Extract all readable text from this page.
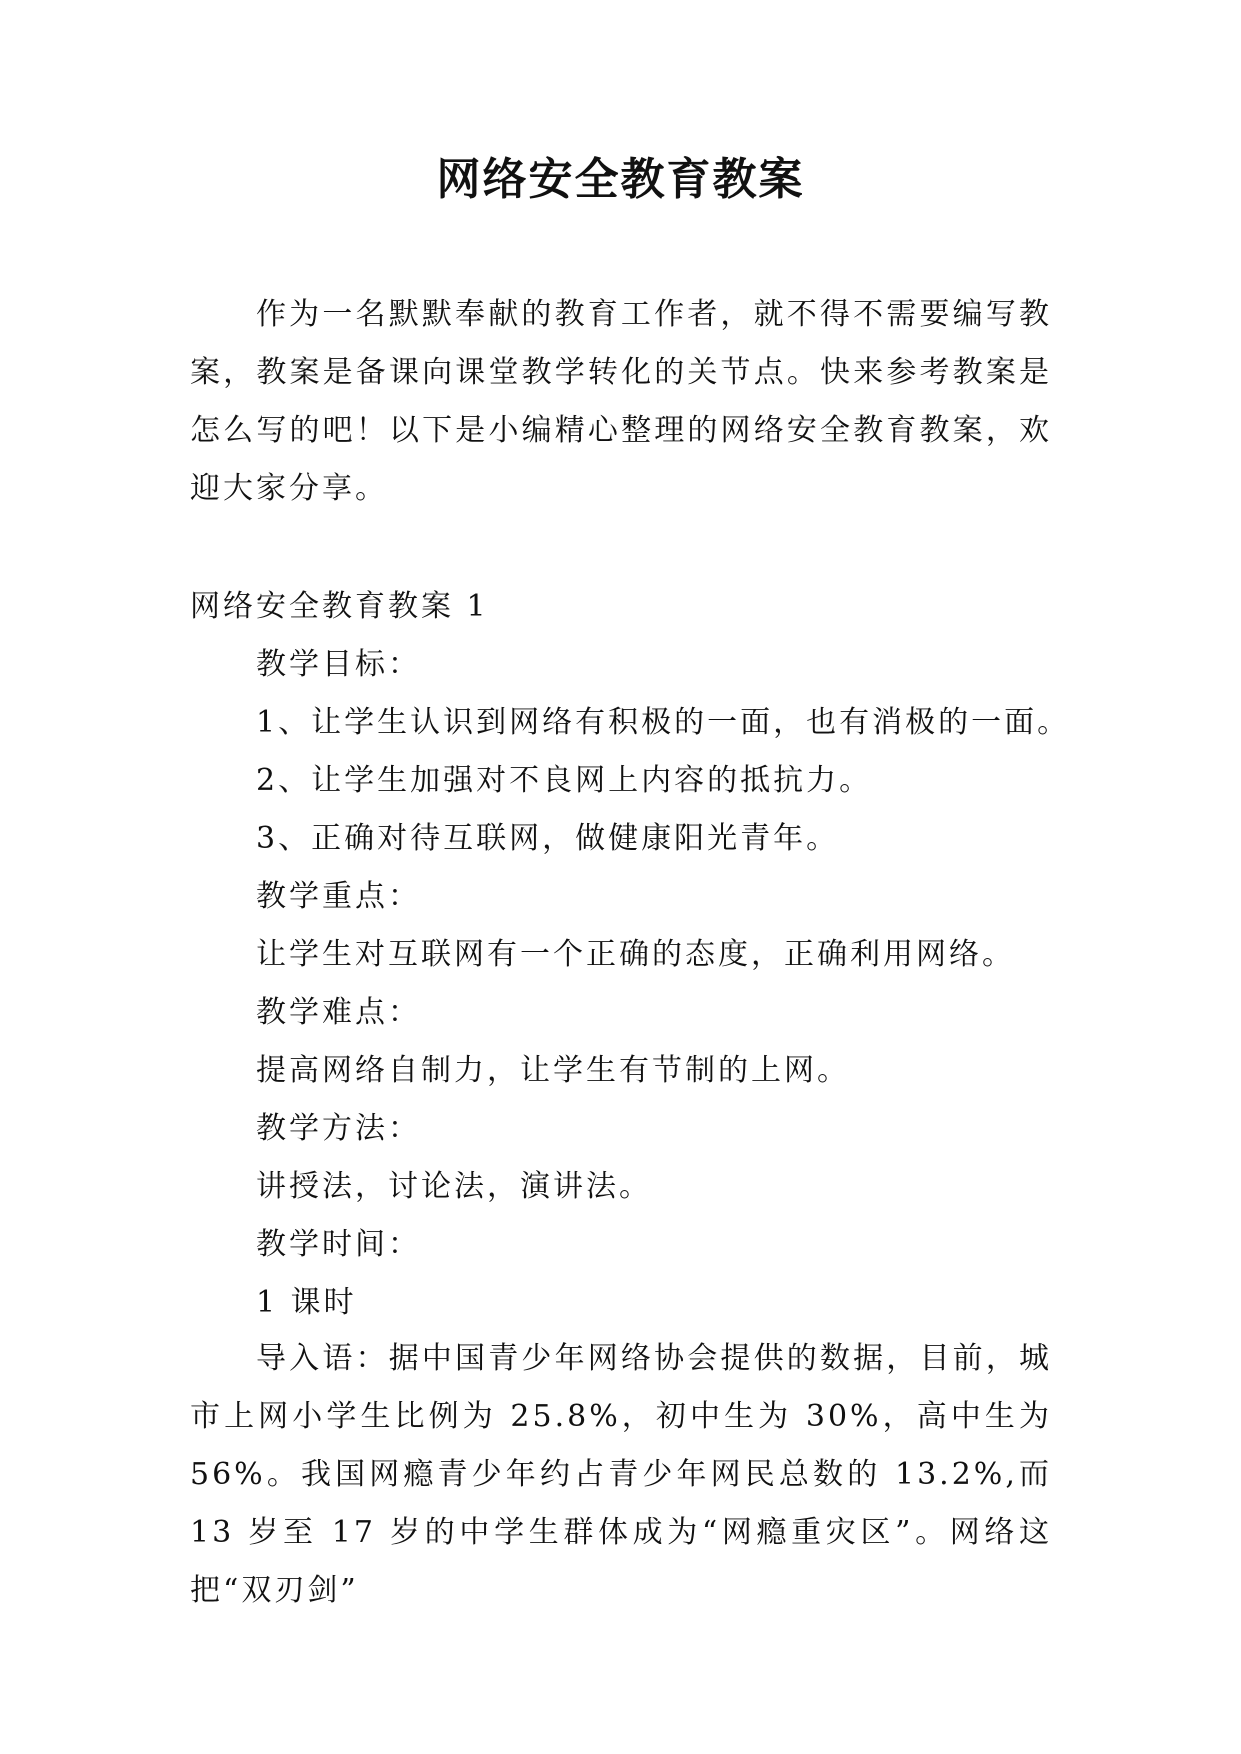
网络安全教育教案
作为一名默默奉献的教育工作者，就不得不需要编写教案，教案是备课向课堂教学转化的关节点。快来参考教案是怎么写的吧！以下是小编精心整理的网络安全教育教案，欢迎大家分享。
网络安全教育教案 1
教学目标：
1、让学生认识到网络有积极的一面，也有消极的一面。
2、让学生加强对不良网上内容的抵抗力。
3、正确对待互联网，做健康阳光青年。
教学重点：
让学生对互联网有一个正确的态度，正确利用网络。
教学难点：
提高网络自制力，让学生有节制的上网。
教学方法：
讲授法，讨论法，演讲法。
教学时间：
1 课时
导入语：据中国青少年网络协会提供的数据，目前，城市上网小学生比例为 25.8%，初中生为 30%，高中生为 56%。我国网瘾青少年约占青少年网民总数的 13.2%,而 13 岁至 17 岁的中学生群体成为“网瘾重灾区”。网络这把“双刃剑”
